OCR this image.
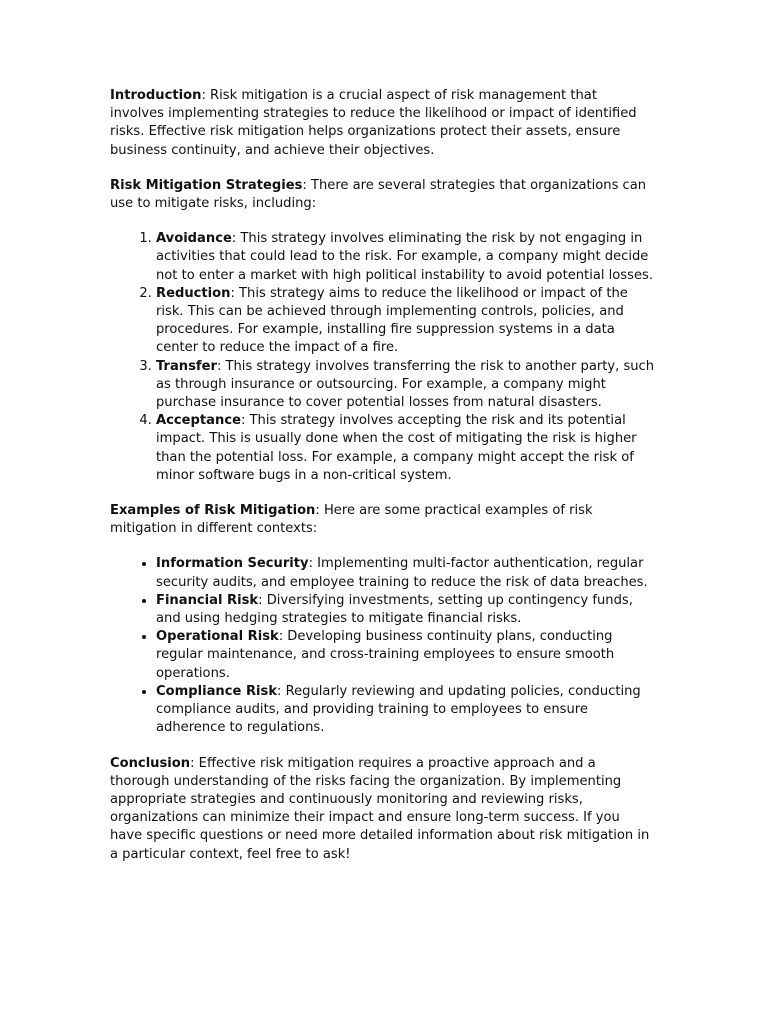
Introduction: Risk mitigation is a crucial aspect of risk management that involves implementing strategies to reduce the likelihood or impact of identified risks. Effective risk mitigation helps organizations protect their assets, ensure business continuity, and achieve their objectives.

Risk Mitigation Strategies: There are several strategies that organizations can use to mitigate risks, including:

1. Avoidance: This strategy involves eliminating the risk by not engaging in activities that could lead to the risk. For example, a company might decide not to enter a market with high political instability to avoid potential losses.
2. Reduction: This strategy aims to reduce the likelihood or impact of the risk. This can be achieved through implementing controls, policies, and procedures. For example, installing fire suppression systems in a data center to reduce the impact of a fire.
3. Transfer: This strategy involves transferring the risk to another party, such as through insurance or outsourcing. For example, a company might purchase insurance to cover potential losses from natural disasters.
4. Acceptance: This strategy involves accepting the risk and its potential impact. This is usually done when the cost of mitigating the risk is higher than the potential loss. For example, a company might accept the risk of minor software bugs in a non-critical system.

Examples of Risk Mitigation: Here are some practical examples of risk mitigation in different contexts:

• Information Security: Implementing multi-factor authentication, regular security audits, and employee training to reduce the risk of data breaches.
• Financial Risk: Diversifying investments, setting up contingency funds, and using hedging strategies to mitigate financial risks.
• Operational Risk: Developing business continuity plans, conducting regular maintenance, and cross-training employees to ensure smooth operations.
• Compliance Risk: Regularly reviewing and updating policies, conducting compliance audits, and providing training to employees to ensure adherence to regulations.

Conclusion: Effective risk mitigation requires a proactive approach and a thorough understanding of the risks facing the organization. By implementing appropriate strategies and continuously monitoring and reviewing risks, organizations can minimize their impact and ensure long-term success. If you have specific questions or need more detailed information about risk mitigation in a particular context, feel free to ask!
